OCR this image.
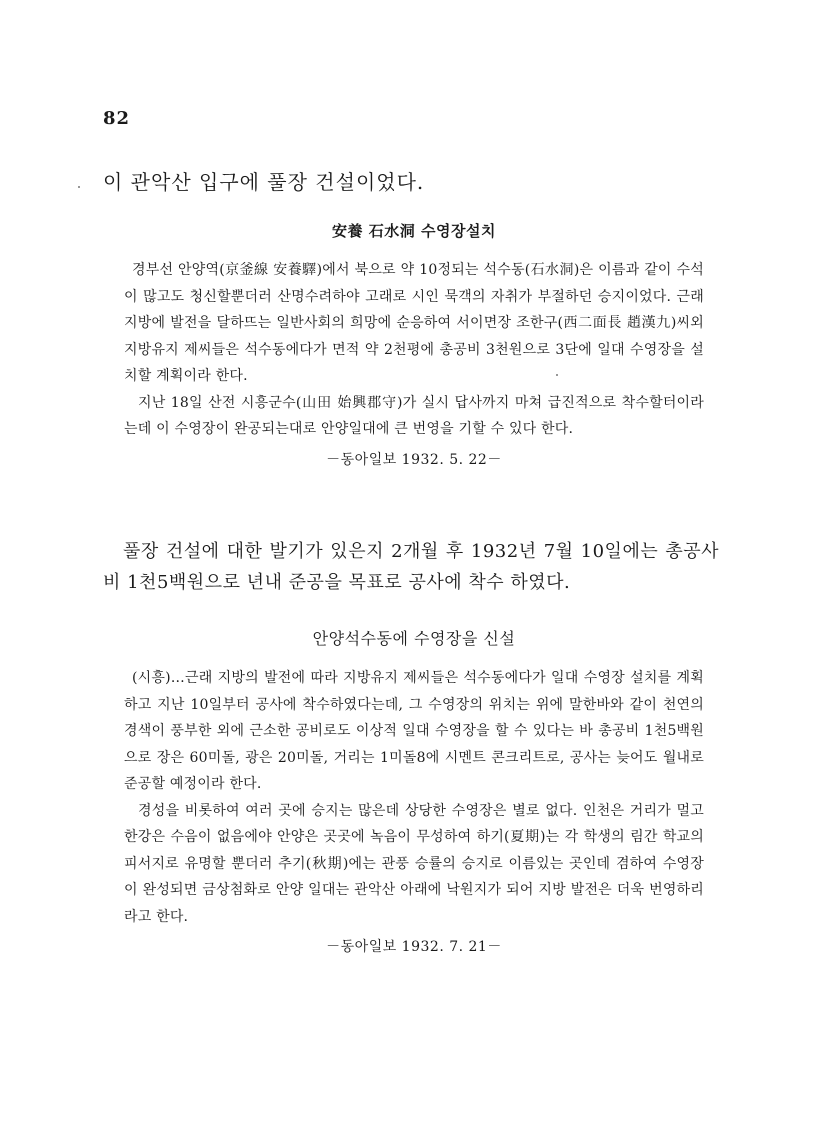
82
이 관악산 입구에 풀장 건설이었다.
安養 石水洞 수영장설치

경부선 안양역(京釜線 安養驛)에서 북으로 약 10정되는 석수동(石水洞)은 이름과 같이 수석이 많고도 청신할뿐더러 산명수려하야 고래로 시인 묵객의 자취가 부절하던 승지이었다. 근래 지방에 발전을 달하뜨는 일반사회의 희망에 순응하여 서이면장 조한구(西二面長 趙漢九)씨외 지방유지 제씨들은 석수동에다가 면적 약 2천평에 총공비 3천원으로 3단에 일대 수영장을 설치할 계획이라 한다.

지난 18일 산전 시흥군수(山田 始興郡守)가 실시 답사까지 마쳐 급진적으로 착수할터이라는데 이 수영장이 완공되는대로 안양일대에 큰 번영을 기할 수 있다 한다.

－동아일보 1932. 5. 22－
풀장 건설에 대한 발기가 있은지 2개월 후 1932년 7월 10일에는 총공사비 1천5백원으로 년내 준공을 목표로 공사에 착수 하였다.
안양석수동에 수영장을 신설

(시흥)…근래 지방의 발전에 따라 지방유지 제씨들은 석수동에다가 일대 수영장 설치를 계획하고 지난 10일부터 공사에 착수하였다는데, 그 수영장의 위치는 위에 말한바와 같이 천연의 경색이 풍부한 외에 근소한 공비로도 이상적 일대 수영장을 할 수 있다는 바 총공비 1천5백원으로 장은 60미돌, 광은 20미돌, 거리는 1미돌8에 시멘트 콘크리트로, 공사는 늦어도 월내로 준공할 예정이라 한다.

경성을 비롯하여 여러 곳에 승지는 많은데 상당한 수영장은 별로 없다. 인천은 거리가 멀고 한강은 수음이 없음에야 안양은 곳곳에 녹음이 무성하여 하기(夏期)는 각 학생의 림간 학교의 피서지로 유명할 뿐더러 추기(秋期)에는 관풍 승률의 승지로 이름있는 곳인데 겸하여 수영장이 완성되면 금상첨화로 안양 일대는 관악산 아래에 낙원지가 되어 지방 발전은 더욱 번영하리라고 한다.

－동아일보 1932. 7. 21－
